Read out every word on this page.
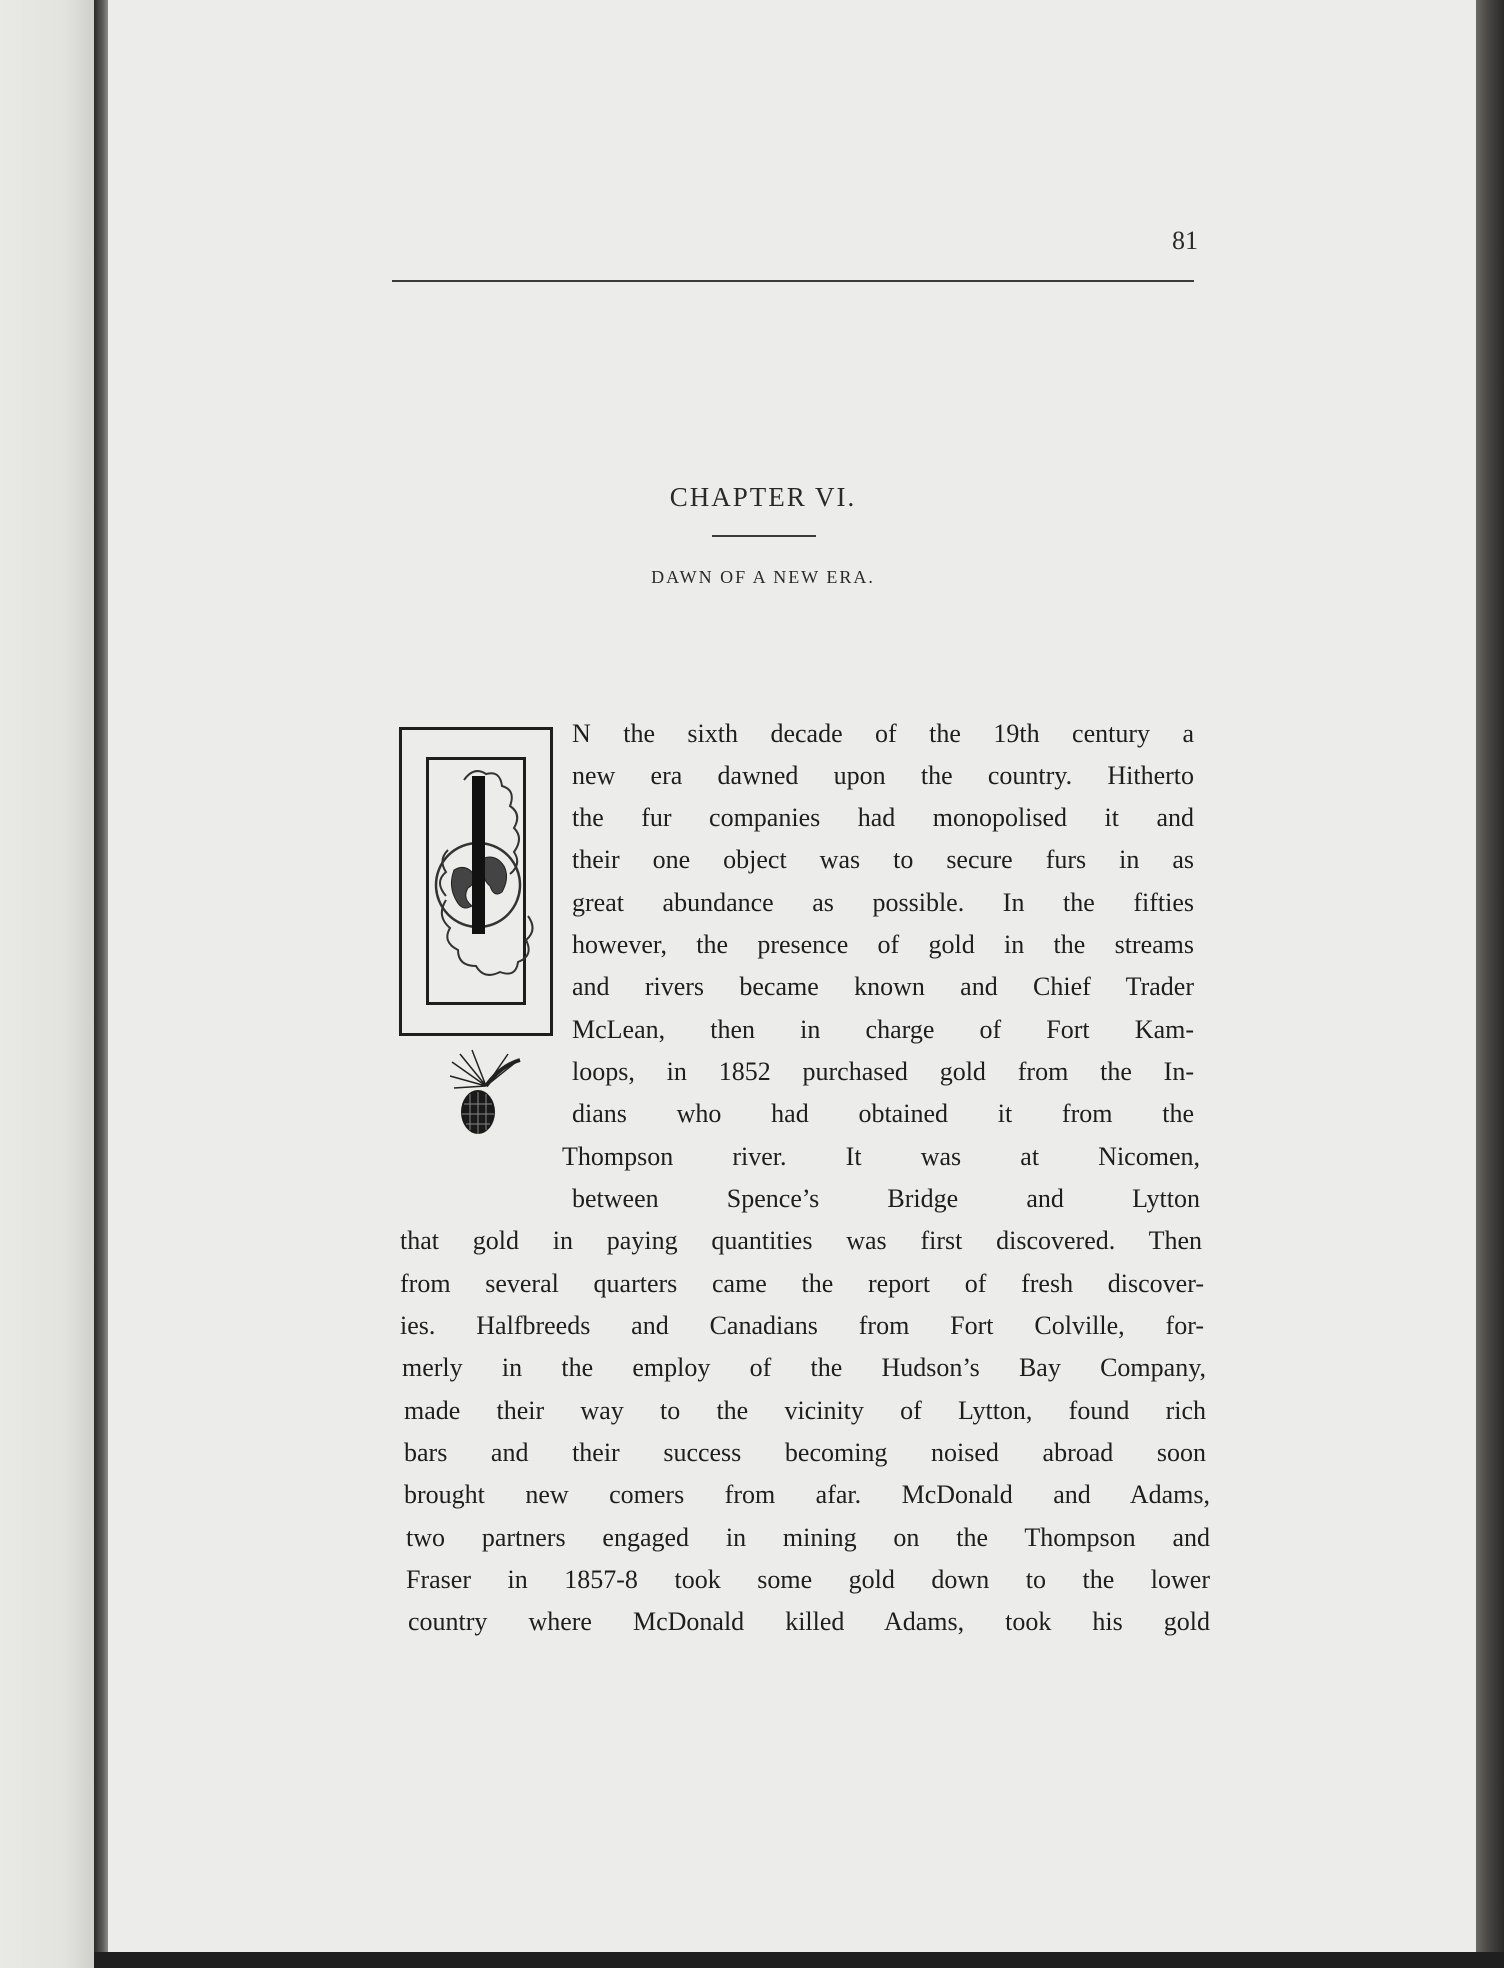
81
CHAPTER VI.
DAWN OF A NEW ERA.
I
N the sixth decade of the 19th century a
new era dawned upon the country. Hitherto
the fur companies had monopolised it and
their one object was to secure furs in as
great abundance as possible. In the fifties
however, the presence of gold in the streams
and rivers became known and Chief Trader
McLean, then in charge of Fort Kam-
loops, in 1852 purchased gold from the In-
dians who had obtained it from the
Thompson river. It was at Nicomen,
between Spence’s Bridge and Lytton
that gold in paying quantities was first discovered. Then
from several quarters came the report of fresh discover-
ies. Halfbreeds and Canadians from Fort Colville, for-
merly in the employ of the Hudson’s Bay Company,
made their way to the vicinity of Lytton, found rich
bars and their success becoming noised abroad soon
brought new comers from afar. McDonald and Adams,
two partners engaged in mining on the Thompson and
Fraser in 1857-8 took some gold down to the lower
country where McDonald killed Adams, took his gold
